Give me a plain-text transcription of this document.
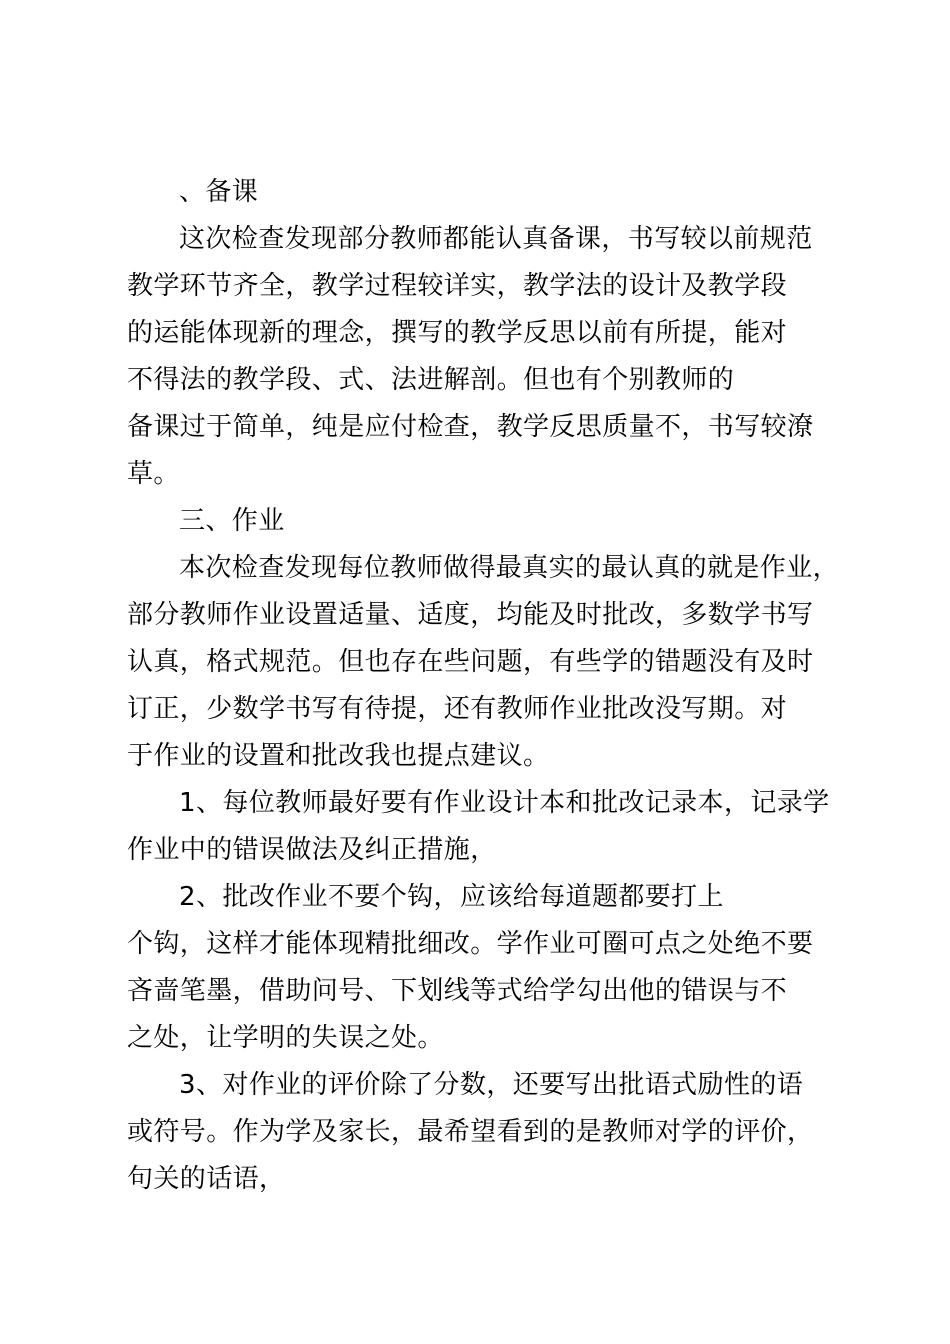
、备课
这次检查发现部分教师都能认真备课，书写较以前规范
教学环节齐全，教学过程较详实，教学法的设计及教学段
的运能体现新的理念，撰写的教学反思以前有所提，能对
不得法的教学段、式、法进解剖。但也有个别教师的
备课过于简单，纯是应付检查，教学反思质量不，书写较潦
草。
三、作业
本次检查发现每位教师做得最真实的最认真的就是作业，
部分教师作业设置适量、适度，均能及时批改，多数学书写
认真，格式规范。但也存在些问题，有些学的错题没有及时
订正，少数学书写有待提，还有教师作业批改没写期。对
于作业的设置和批改我也提点建议。
1、每位教师最好要有作业设计本和批改记录本，记录学
作业中的错误做法及纠正措施，
2、批改作业不要个钩，应该给每道题都要打上
个钩，这样才能体现精批细改。学作业可圈可点之处绝不要
吝啬笔墨，借助问号、下划线等式给学勾出他的错误与不
之处，让学明的失误之处。
3、对作业的评价除了分数，还要写出批语式励性的语
或符号。作为学及家长，最希望看到的是教师对学的评价，
句关的话语，
